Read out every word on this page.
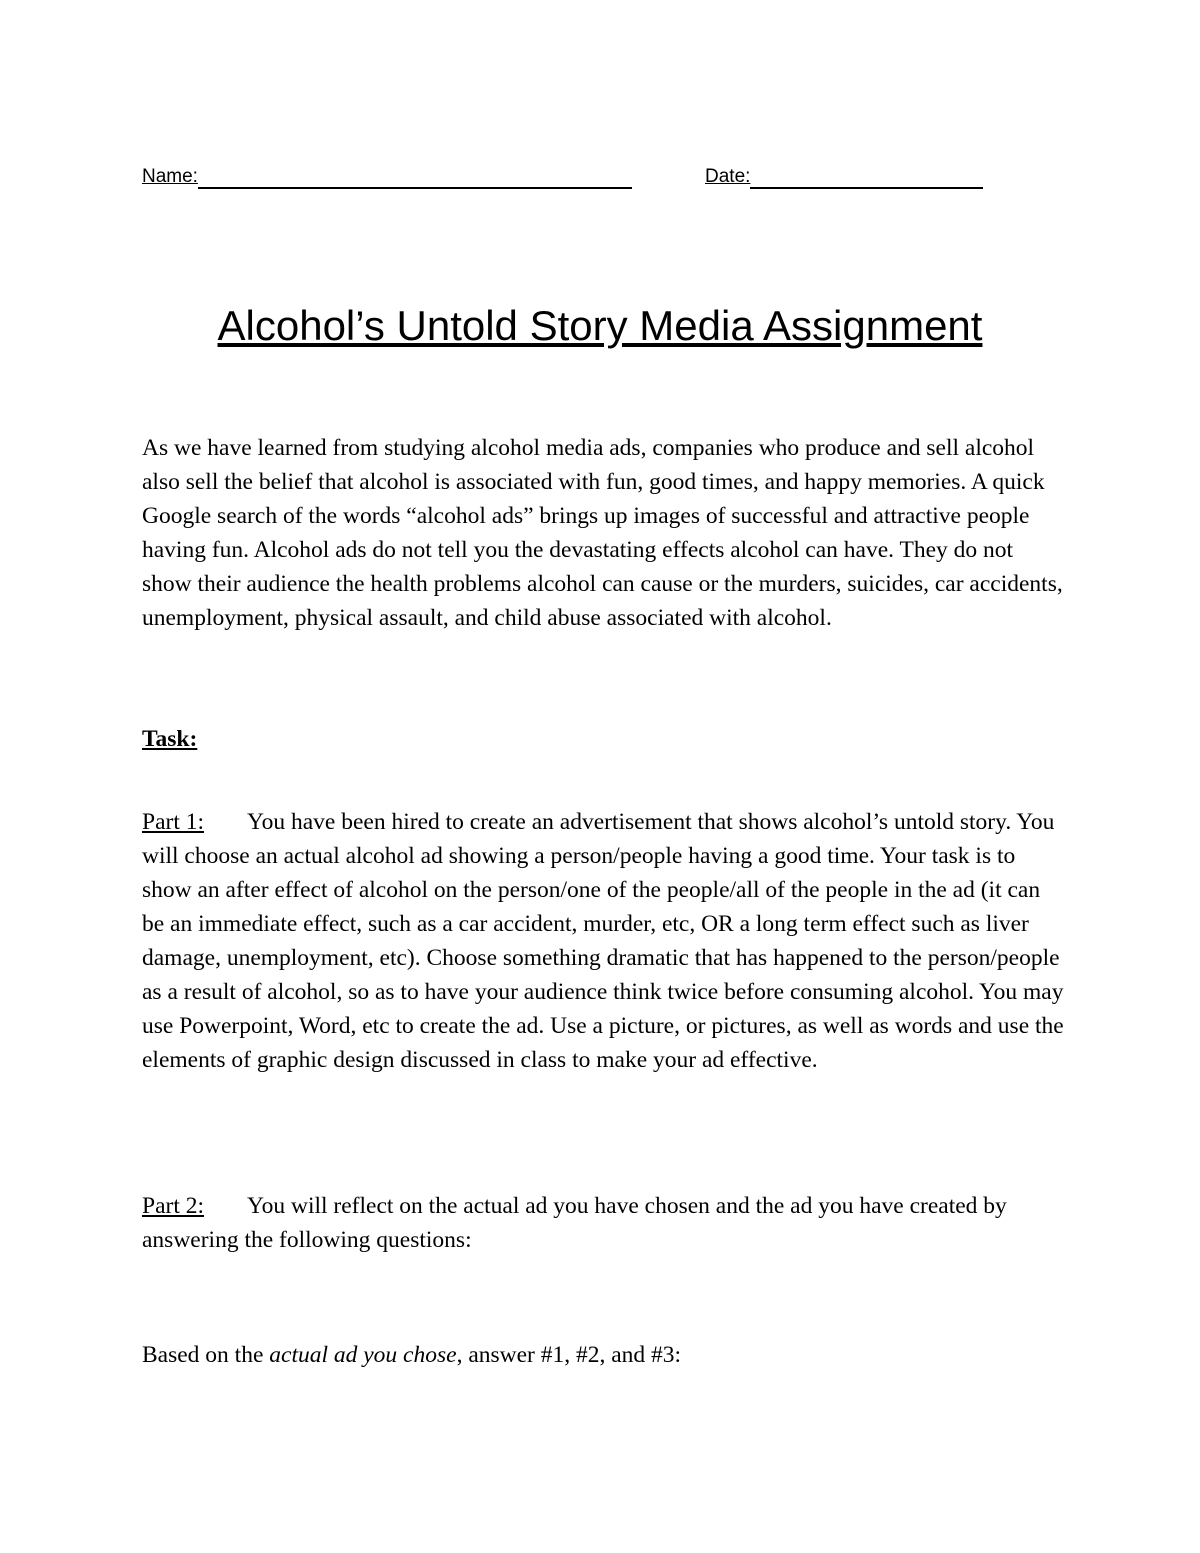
Name:	Date:
Alcohol’s Untold Story Media Assignment

As we have learned from studying alcohol media ads, companies who produce and sell alcohol also sell the belief that alcohol is associated with fun, good times, and happy memories. A quick Google search of the words “alcohol ads” brings up images of successful and attractive people having fun. Alcohol ads do not tell you the devastating effects alcohol can have. They do not show their audience the health problems alcohol can cause or the murders, suicides, car accidents, unemployment, physical assault, and child abuse associated with alcohol.

Task:

Part 1: You have been hired to create an advertisement that shows alcohol’s untold story. You will choose an actual alcohol ad showing a person/people having a good time. Your task is to show an after effect of alcohol on the person/one of the people/all of the people in the ad (it can be an immediate effect, such as a car accident, murder, etc, OR a long term effect such as liver damage, unemployment, etc). Choose something dramatic that has happened to the person/people as a result of alcohol, so as to have your audience think twice before consuming alcohol. You may use Powerpoint, Word, etc to create the ad. Use a picture, or pictures, as well as words and use the elements of graphic design discussed in class to make your ad effective.

Part 2: You will reflect on the actual ad you have chosen and the ad you have created by answering the following questions:

Based on the actual ad you chose, answer #1, #2, and #3:
